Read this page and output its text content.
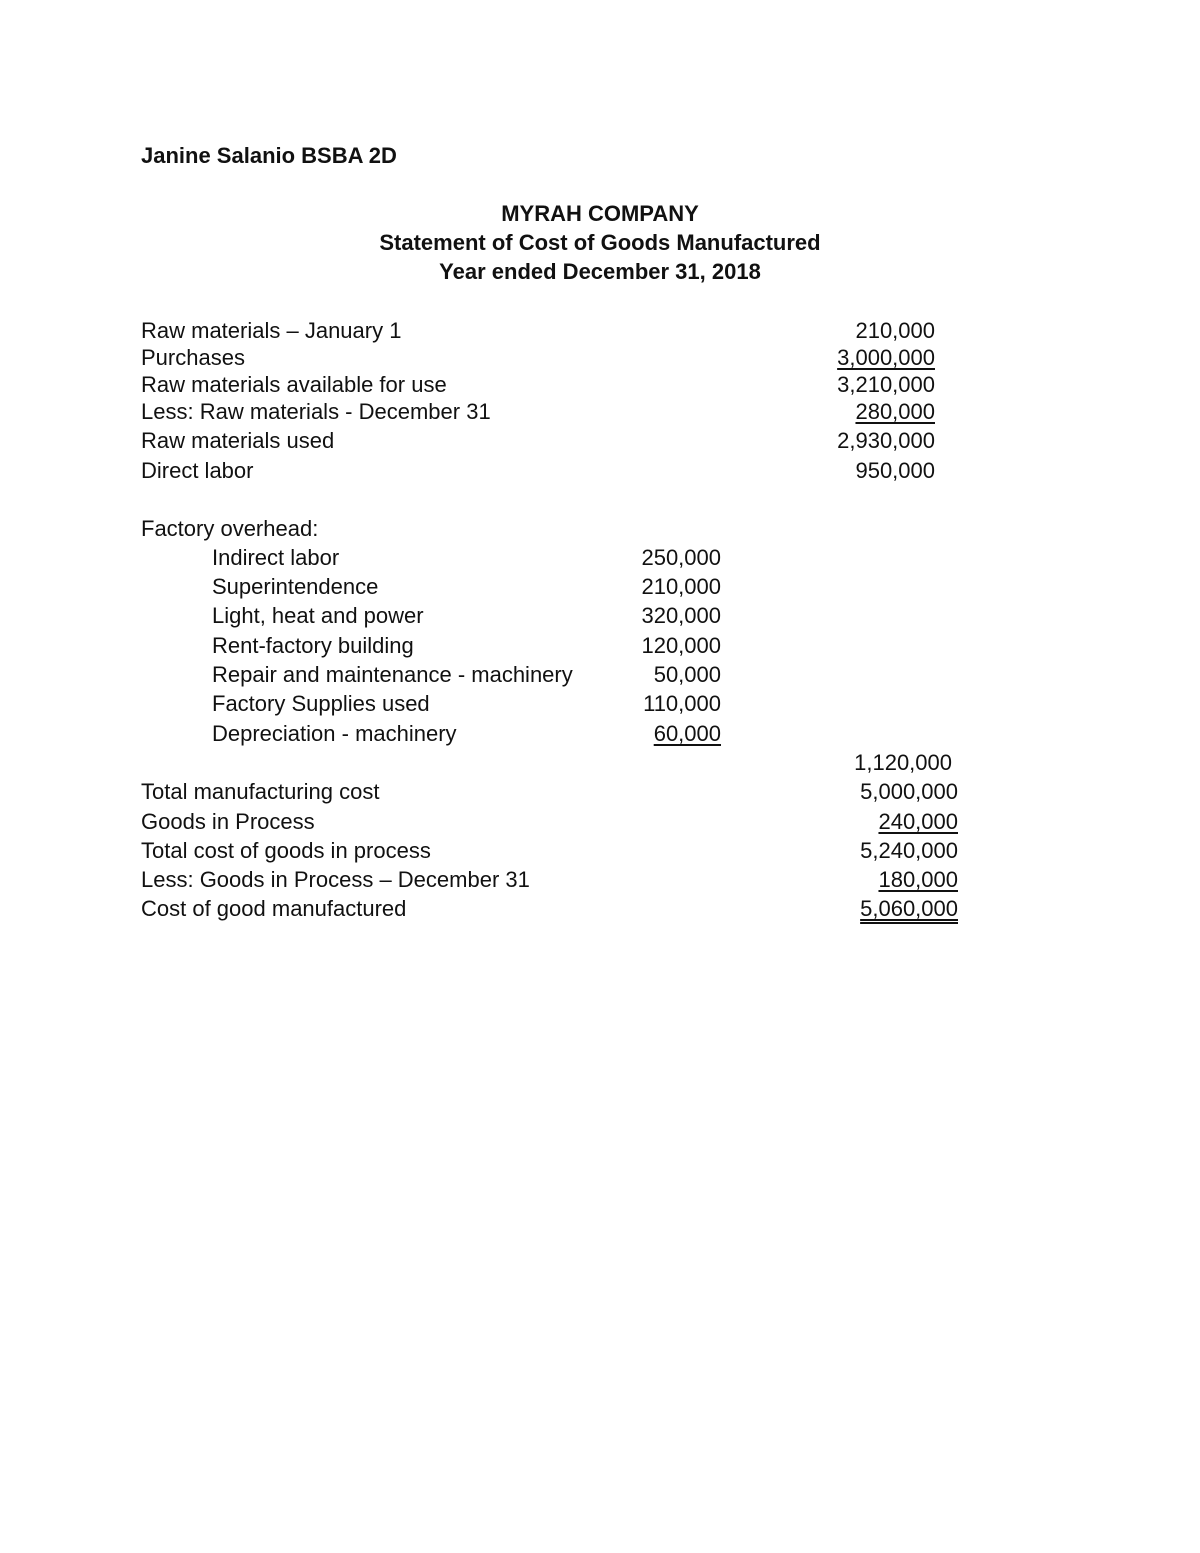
Janine Salanio BSBA 2D
MYRAH COMPANY
Statement of Cost of Goods Manufactured
Year ended December 31, 2018
Raw materials – January 1	210,000
Purchases	3,000,000
Raw materials available for use	3,210,000
Less: Raw materials - December 31	280,000
Raw materials used	2,930,000
Direct labor	950,000
Factory overhead:
Indirect labor	250,000
Superintendence	210,000
Light, heat and power	320,000
Rent-factory building	120,000
Repair and maintenance - machinery	50,000
Factory Supplies used	110,000
Depreciation - machinery	60,000
1,120,000
Total manufacturing cost	5,000,000
Goods in Process	240,000
Total cost of goods in process	5,240,000
Less: Goods in Process – December 31	180,000
Cost of good manufactured	5,060,000
